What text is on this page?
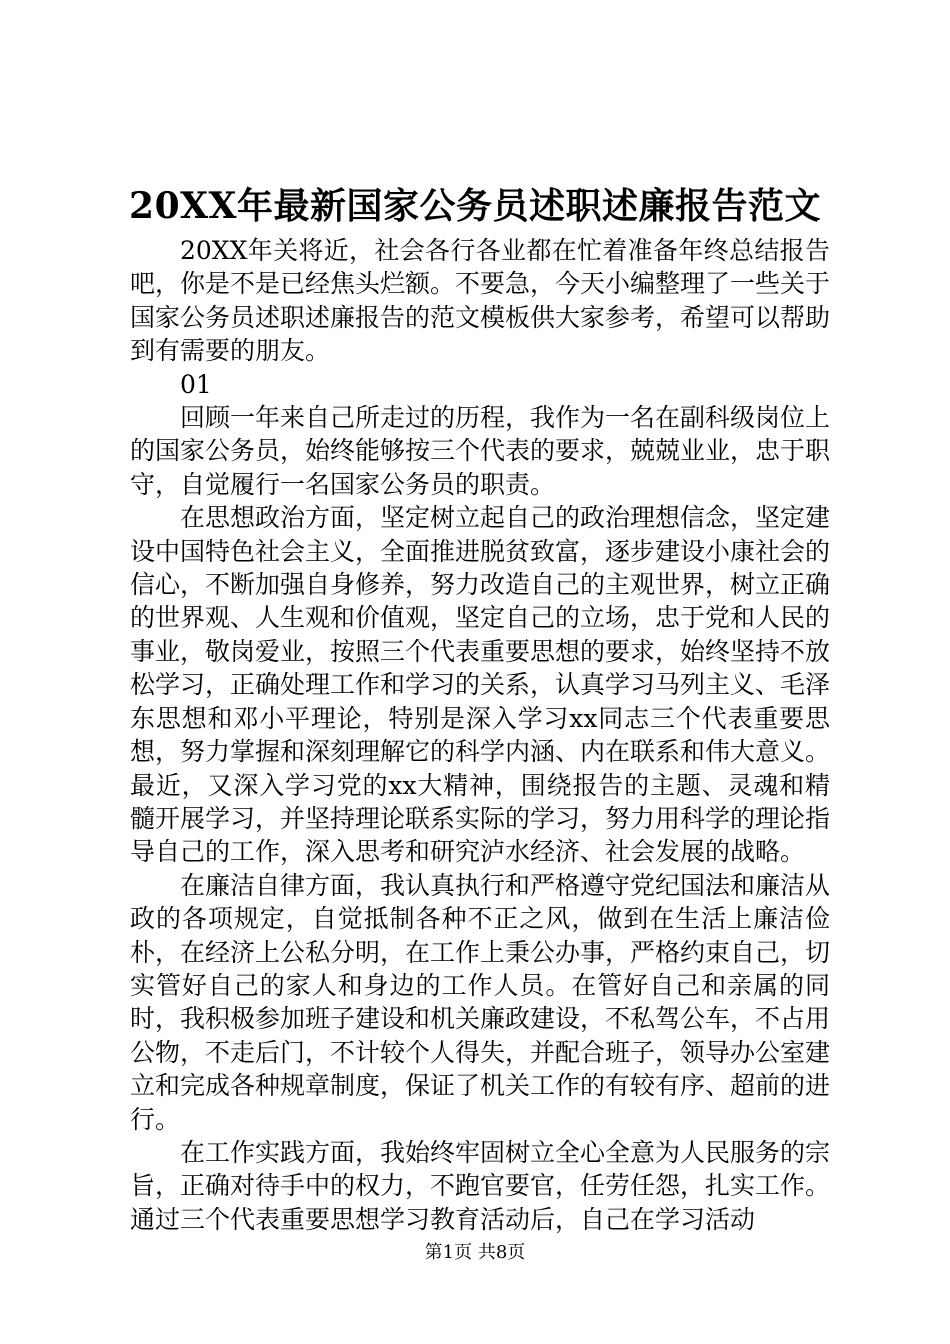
20XX年最新国家公务员述职述廉报告范文

20XX年关将近，社会各行各业都在忙着准备年终总结报告吧，你是不是已经焦头烂额。不要急，今天小编整理了一些关于国家公务员述职述廉报告的范文模板供大家参考，希望可以帮助到有需要的朋友。

01

回顾一年来自己所走过的历程，我作为一名在副科级岗位上的国家公务员，始终能够按三个代表的要求，兢兢业业，忠于职守，自觉履行一名国家公务员的职责。

在思想政治方面，坚定树立起自己的政治理想信念，坚定建设中国特色社会主义，全面推进脱贫致富，逐步建设小康社会的信心，不断加强自身修养，努力改造自己的主观世界，树立正确的世界观、人生观和价值观，坚定自己的立场，忠于党和人民的事业，敬岗爱业，按照三个代表重要思想的要求，始终坚持不放松学习，正确处理工作和学习的关系，认真学习马列主义、毛泽东思想和邓小平理论，特别是深入学习xx同志三个代表重要思想，努力掌握和深刻理解它的科学内涵、内在联系和伟大意义。最近，又深入学习党的xx大精神，围绕报告的主题、灵魂和精髓开展学习，并坚持理论联系实际的学习，努力用科学的理论指导自己的工作，深入思考和研究泸水经济、社会发展的战略。

在廉洁自律方面，我认真执行和严格遵守党纪国法和廉洁从政的各项规定，自觉抵制各种不正之风，做到在生活上廉洁俭朴，在经济上公私分明，在工作上秉公办事，严格约束自己，切实管好自己的家人和身边的工作人员。在管好自己和亲属的同时，我积极参加班子建设和机关廉政建设，不私驾公车，不占用公物，不走后门，不计较个人得失，并配合班子，领导办公室建立和完成各种规章制度，保证了机关工作的有较有序、超前的进行。

在工作实践方面，我始终牢固树立全心全意为人民服务的宗旨，正确对待手中的权力，不跑官要官，任劳任怨，扎实工作。通过三个代表重要思想学习教育活动后，自己在学习活动

第1页 共8页
